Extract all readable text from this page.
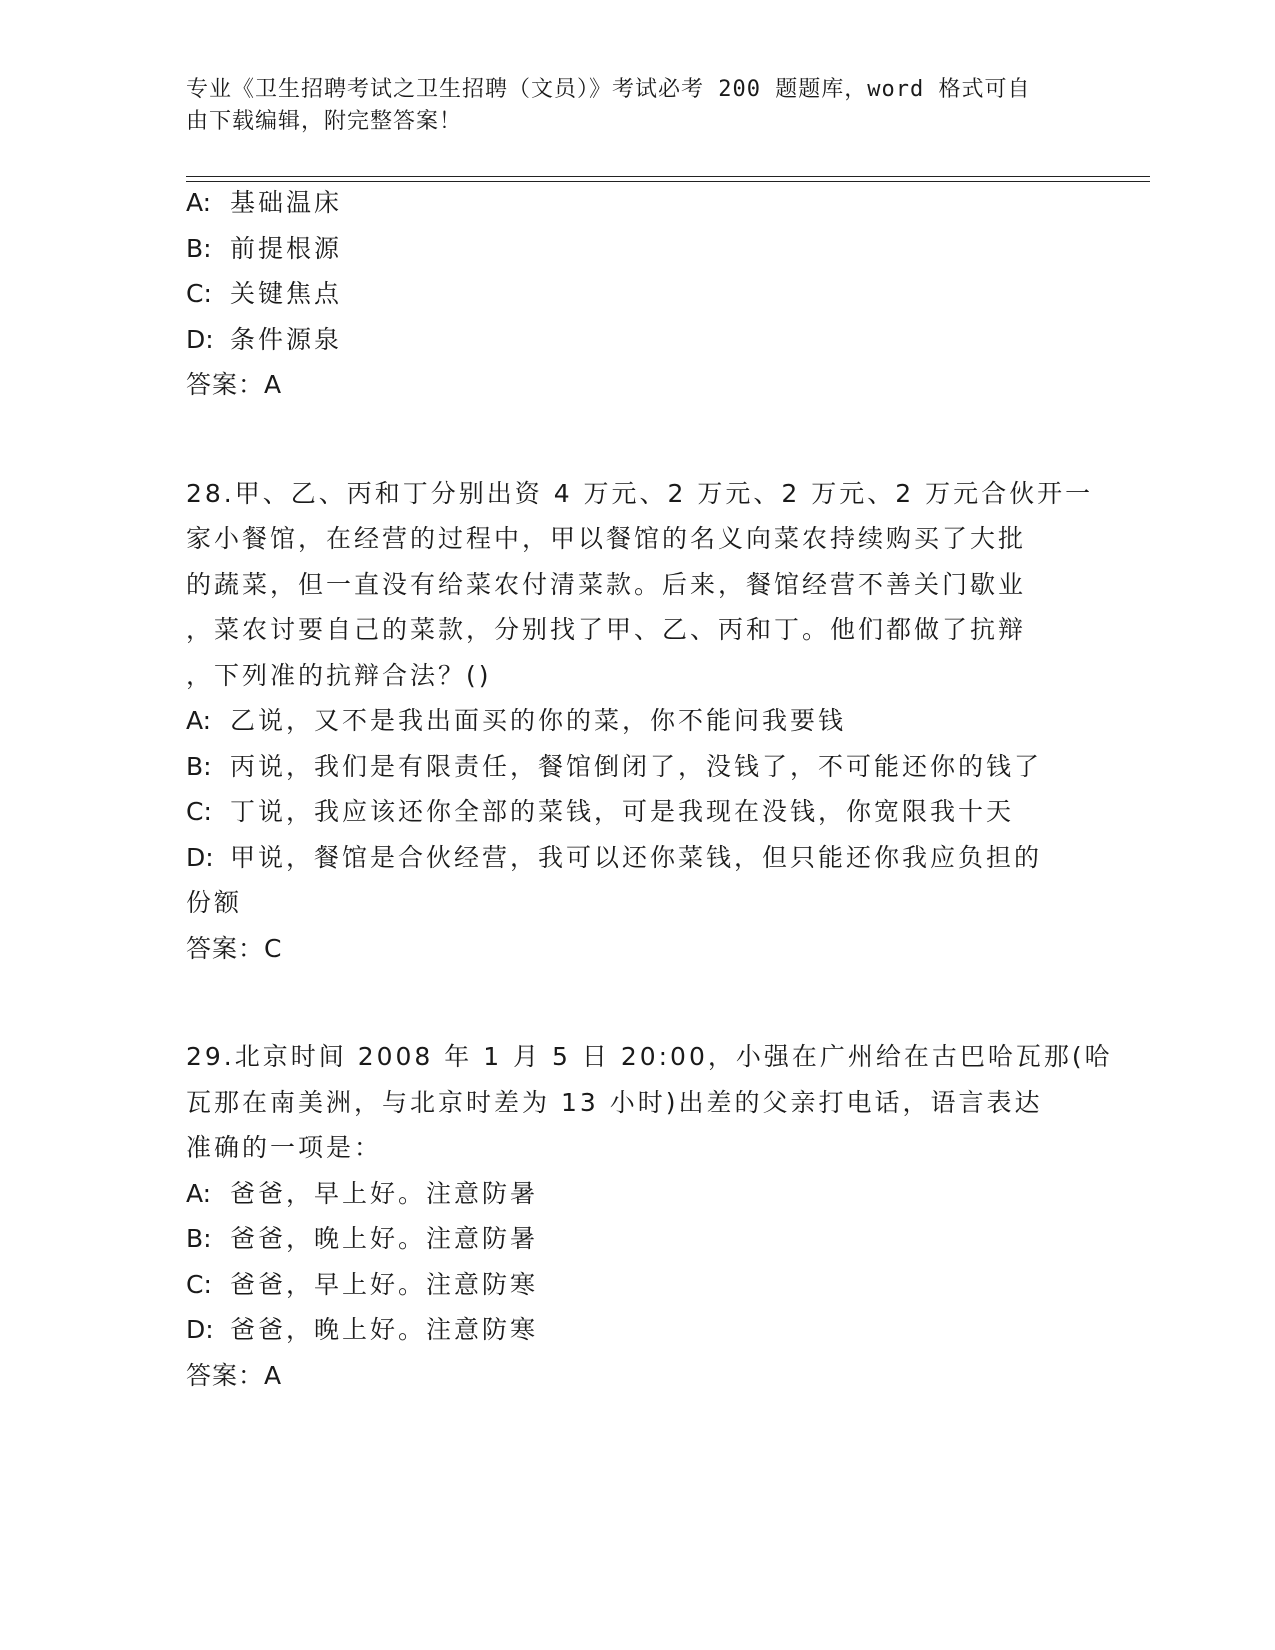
专业《卫生招聘考试之卫生招聘（文员）》考试必考 200 题题库，word 格式可自
由下载编辑，附完整答案！
A: 基础温床
B: 前提根源
C: 关键焦点
D: 条件源泉
答案：A
28.甲、乙、丙和丁分别出资 4 万元、2 万元、2 万元、2 万元合伙开一
家小餐馆，在经营的过程中，甲以餐馆的名义向菜农持续购买了大批
的蔬菜，但一直没有给菜农付清菜款。后来，餐馆经营不善关门歇业
，菜农讨要自己的菜款，分别找了甲、乙、丙和丁。他们都做了抗辩
，下列准的抗辩合法？()
A: 乙说，又不是我出面买的你的菜，你不能问我要钱
B: 丙说，我们是有限责任，餐馆倒闭了，没钱了，不可能还你的钱了
C: 丁说，我应该还你全部的菜钱，可是我现在没钱，你宽限我十天
D: 甲说，餐馆是合伙经营，我可以还你菜钱，但只能还你我应负担的
份额
答案：C
29.北京时间 2008 年 1 月 5 日 20:00，小强在广州给在古巴哈瓦那(哈
瓦那在南美洲，与北京时差为 13 小时)出差的父亲打电话，语言表达
准确的一项是：
A: 爸爸，早上好。注意防暑
B: 爸爸，晚上好。注意防暑
C: 爸爸，早上好。注意防寒
D: 爸爸，晚上好。注意防寒
答案：A
